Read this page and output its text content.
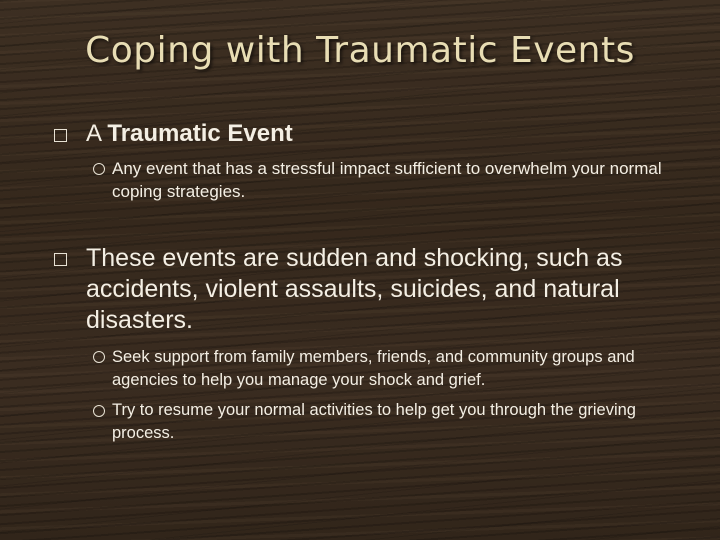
Coping with Traumatic Events
A Traumatic Event
Any event that has a stressful impact sufficient to overwhelm your normal coping strategies.
These events are sudden and shocking, such as accidents, violent assaults, suicides, and natural disasters.
Seek support from family members, friends, and community groups and agencies to help you manage your shock and grief.
Try to resume your normal activities to help get you through the grieving process.
